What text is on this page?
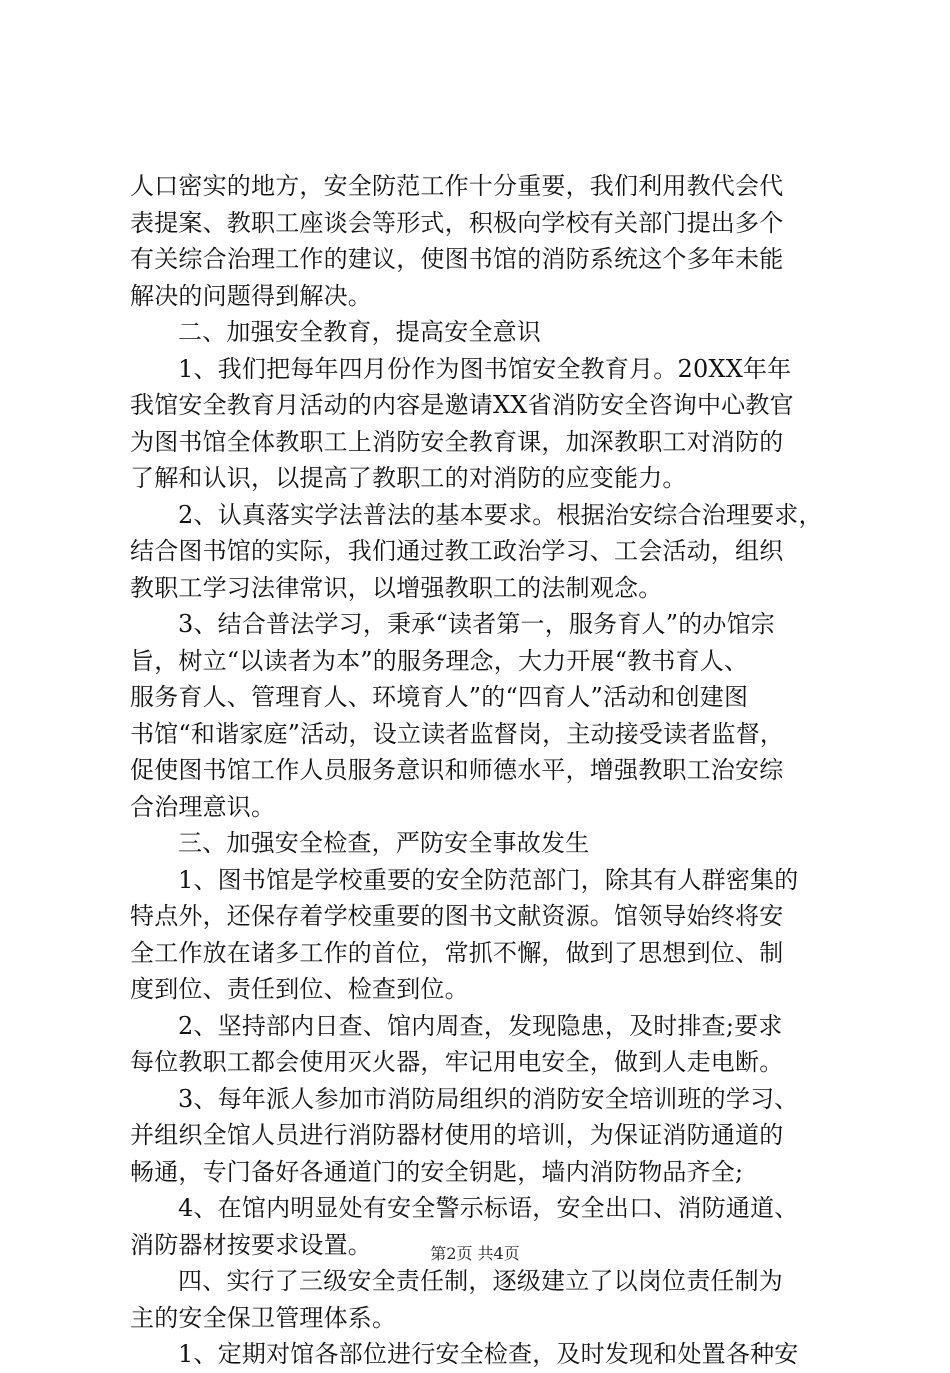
人口密实的地方，安全防范工作十分重要，我们利用教代会代
表提案、教职工座谈会等形式，积极向学校有关部门提出多个
有关综合治理工作的建议，使图书馆的消防系统这个多年未能
解决的问题得到解决。
二、加强安全教育，提高安全意识
1、我们把每年四月份作为图书馆安全教育月。20XX年年
我馆安全教育月活动的内容是邀请XX省消防安全咨询中心教官
为图书馆全体教职工上消防安全教育课，加深教职工对消防的
了解和认识，以提高了教职工的对消防的应变能力。
2、认真落实学法普法的基本要求。根据治安综合治理要求，
结合图书馆的实际，我们通过教工政治学习、工会活动，组织
教职工学习法律常识，以增强教职工的法制观念。
3、结合普法学习，秉承“读者第一，服务育人”的办馆宗
旨，树立“以读者为本”的服务理念，大力开展“教书育人、
服务育人、管理育人、环境育人”的“四育人”活动和创建图
书馆“和谐家庭”活动，设立读者监督岗，主动接受读者监督，
促使图书馆工作人员服务意识和师德水平，增强教职工治安综
合治理意识。
三、加强安全检查，严防安全事故发生
1、图书馆是学校重要的安全防范部门，除其有人群密集的
特点外，还保存着学校重要的图书文献资源。馆领导始终将安
全工作放在诸多工作的首位，常抓不懈，做到了思想到位、制
度到位、责任到位、检查到位。
2、坚持部内日查、馆内周查，发现隐患，及时排查;要求
每位教职工都会使用灭火器，牢记用电安全，做到人走电断。
3、每年派人参加市消防局组织的消防安全培训班的学习、
并组织全馆人员进行消防器材使用的培训，为保证消防通道的
畅通，专门备好各通道门的安全钥匙，墙内消防物品齐全;
4、在馆内明显处有安全警示标语，安全出口、消防通道、
消防器材按要求设置。
四、实行了三级安全责任制，逐级建立了以岗位责任制为
主的安全保卫管理体系。
1、定期对馆各部位进行安全检查，及时发现和处置各种安
第2页 共4页
